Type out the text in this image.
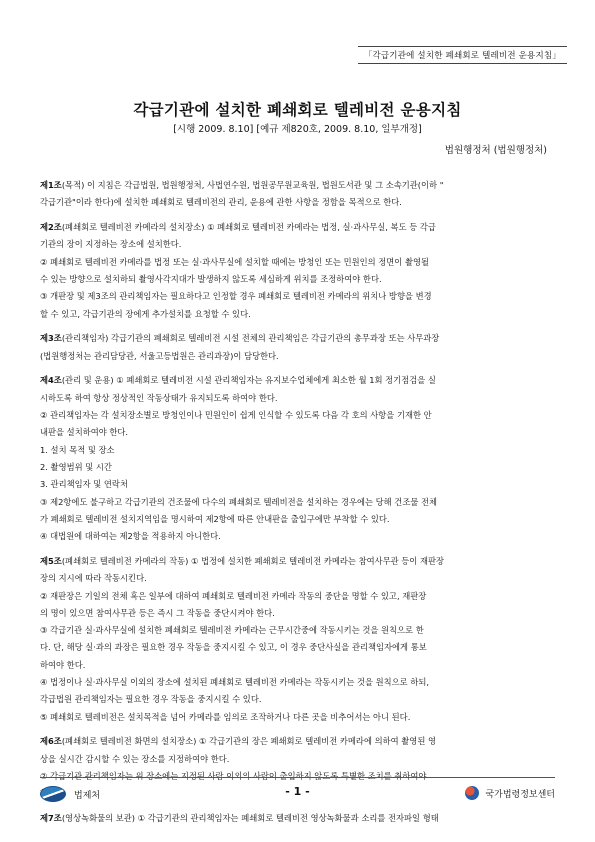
「각급기관에 설치한 폐쇄회로 텔레비전 운용지침」
각급기관에 설치한 폐쇄회로 텔레비전 운용지침
[시행 2009. 8.10] [예규 제820호, 2009. 8.10, 일부개정]
법원행정처 (법원행정처)
제1조(목적) 이 지침은 각급법원, 법원행정처, 사법연수원, 법원공무원교육원, 법원도서관 및 그 소속기관(이하 "
각급기관"이라 한다)에 설치한 폐쇄회로 텔레비전의 관리, 운용에 관한 사항을 정함을 목적으로 한다.
제2조(폐쇄회로 텔레비전 카메라의 설치장소) ① 폐쇄회로 텔레비전 카메라는 법정, 실·과사무실, 복도 등 각급
기관의 장이 지정하는 장소에 설치한다.
② 폐쇄회로 텔레비전 카메라를 법정 또는 실·과사무실에 설치할 때에는 방청인 또는 민원인의 정면이 촬영될
수 있는 방향으로 설치하되 촬영사각지대가 발생하지 않도록 세심하게 위치를 조정하여야 한다.
③ 개판장 및 제3조의 관리책임자는 필요하다고 인정할 경우 폐쇄회로 텔레비전 카메라의 위치나 방향을 변경
할 수 있고, 각급기관의 장에게 추가설치를 요청할 수 있다.
제3조(관리책임자) 각급기관의 폐쇄회로 텔레비전 시설 전체의 관리책임은 각급기관의 총무과장 또는 사무과장
(법원행정처는 관리담당관, 서울고등법원은 관리과장)이 담당한다.
제4조(관리 및 운용) ① 폐쇄회로 텔레비전 시설 관리책임자는 유지보수업체에게 최소한 월 1회 정기점검을 실
시하도록 하여 항상 정상적인 작동상태가 유지되도록 하여야 한다.
② 관리책임자는 각 설치장소별로 방청인이나 민원인이 쉽게 인식할 수 있도록 다음 각 호의 사항을 기재한 안
내판을 설치하여야 한다.
1. 설치 목적 및 장소
2. 촬영범위 및 시간
3. 관리책임자 및 연락처
③ 제2항에도 불구하고 각급기관의 건조물에 다수의 폐쇄회로 텔레비전을 설치하는 경우에는 당해 건조물 전체
가 폐쇄회로 텔레비전 설치지역임을 명시하여 제2항에 따른 안내판을 출입구에만 부착할 수 있다.
④ 대법원에 대하여는 제2항을 적용하지 아니한다.
제5조(폐쇄회로 텔레비전 카메라의 작동) ① 법정에 설치한 폐쇄회로 텔레비전 카메라는 참여사무관 등이 재판장
장의 지시에 따라 작동시킨다.
② 재판장은 기일의 전체 혹은 일부에 대하여 폐쇄회로 텔레비전 카메라 작동의 중단을 명할 수 있고, 재판장
의 명이 있으면 참여사무관 등은 즉시 그 작동을 중단시켜야 한다.
③ 각급기관 실·과사무실에 설치한 폐쇄회로 텔레비전 카메라는 근무시간중에 작동시키는 것을 원칙으로 한
다. 단, 해당 실·과의 과장은 필요한 경우 작동을 중지시킬 수 있고, 이 경우 중단사실을 관리책임자에게 통보
하여야 한다.
④ 법정이나 실·과사무실 이외의 장소에 설치된 폐쇄회로 텔레비전 카메라는 작동시키는 것을 원칙으로 하되,
각급법원 관리책임자는 필요한 경우 작동을 중지시킬 수 있다.
⑤ 폐쇄회로 텔레비전은 설치목적을 넘어 카메라를 임의로 조작하거나 다른 곳을 비추어서는 아니 된다.
제6조(폐쇄회로 텔레비전 화면의 설치장소) ① 각급기관의 장은 폐쇄회로 텔레비전 카메라에 의하여 촬영된 영
상을 실시간 감시할 수 있는 장소를 지정하여야 한다.
② 각급기관 관리책임자는 위 장소에는 지정된 사람 이외의 사람이 출입하지 않도록 특별한 조치를 취하여야
제7조(영상녹화물의 보관) ① 각급기관의 관리책임자는 폐쇄회로 텔레비전 영상녹화물과 소리를 전자파일 형태
법제처	- 1 -	국가법령정보센터
